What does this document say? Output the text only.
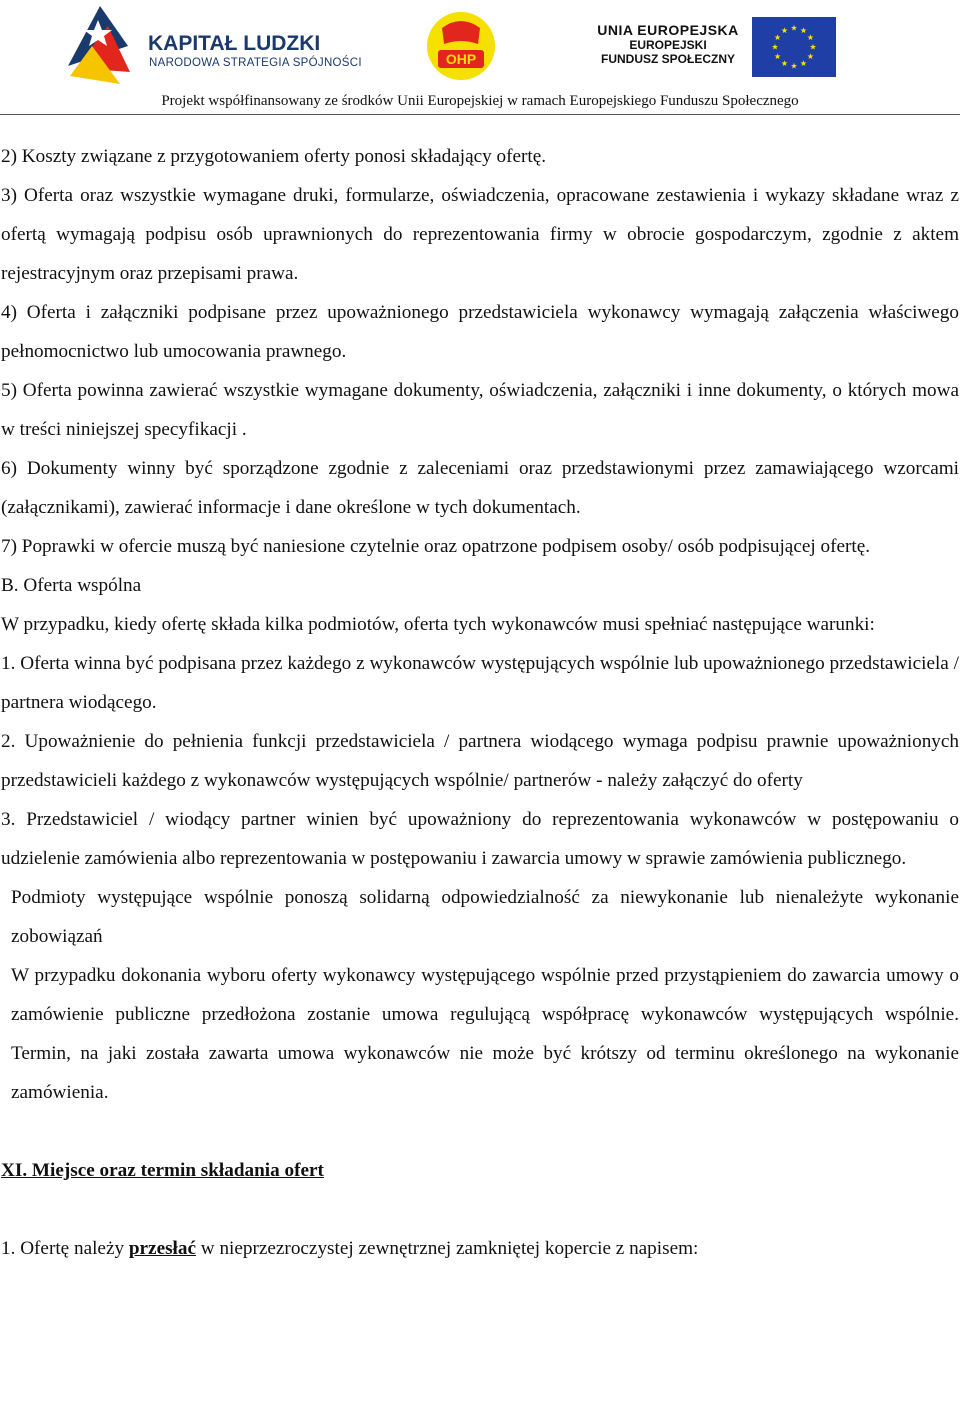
KAPITAŁ LUDZKI
NARODOWA STRATEGIA SPÓJNOŚCI	OHP
UNIA EUROPEJSKA
EUROPEJSKI
FUNDUSZ SPOŁECZNY
Projekt współfinansowany ze środków Unii Europejskiej w ramach Europejskiego Funduszu Społecznego

2) Koszty związane z przygotowaniem oferty ponosi składający ofertę.

3) Oferta oraz wszystkie wymagane druki, formularze, oświadczenia, opracowane zestawienia i wykazy składane wraz z ofertą wymagają podpisu osób uprawnionych do reprezentowania firmy w obrocie gospodarczym, zgodnie z aktem rejestracyjnym oraz przepisami prawa.

4) Oferta i załączniki podpisane przez upoważnionego przedstawiciela wykonawcy wymagają załączenia właściwego pełnomocnictwo lub umocowania prawnego.

5) Oferta powinna zawierać wszystkie wymagane dokumenty, oświadczenia, załączniki i inne dokumenty, o których mowa w treści niniejszej specyfikacji .

6) Dokumenty winny być sporządzone zgodnie z zaleceniami oraz przedstawionymi przez zamawiającego wzorcami (załącznikami), zawierać informacje i dane określone w tych dokumentach.

7) Poprawki w ofercie muszą być naniesione czytelnie oraz opatrzone podpisem osoby/ osób podpisującej ofertę.

B. Oferta wspólna

W przypadku, kiedy ofertę składa kilka podmiotów, oferta tych wykonawców musi spełniać następujące warunki:

1. Oferta winna być podpisana przez każdego z wykonawców występujących wspólnie lub upoważnionego przedstawiciela / partnera wiodącego.

2. Upoważnienie do pełnienia funkcji przedstawiciela / partnera wiodącego wymaga podpisu prawnie upoważnionych przedstawicieli każdego z wykonawców występujących wspólnie/ partnerów - należy załączyć do oferty

3. Przedstawiciel / wiodący partner winien być upoważniony do reprezentowania wykonawców w postępowaniu o udzielenie zamówienia albo reprezentowania w postępowaniu i zawarcia umowy w sprawie zamówienia publicznego.

Podmioty występujące wspólnie ponoszą solidarną odpowiedzialność za niewykonanie lub nienależyte wykonanie zobowiązań

W przypadku dokonania wyboru oferty wykonawcy występującego wspólnie przed przystąpieniem do zawarcia umowy o zamówienie publiczne przedłożona zostanie umowa regulującą współpracę wykonawców występujących wspólnie. Termin, na jaki została zawarta umowa wykonawców nie może być krótszy od terminu określonego na wykonanie zamówienia.

XI. Miejsce oraz termin składania ofert

1. Ofertę należy przesłać w nieprzezroczystej zewnętrznej zamkniętej kopercie z napisem:
